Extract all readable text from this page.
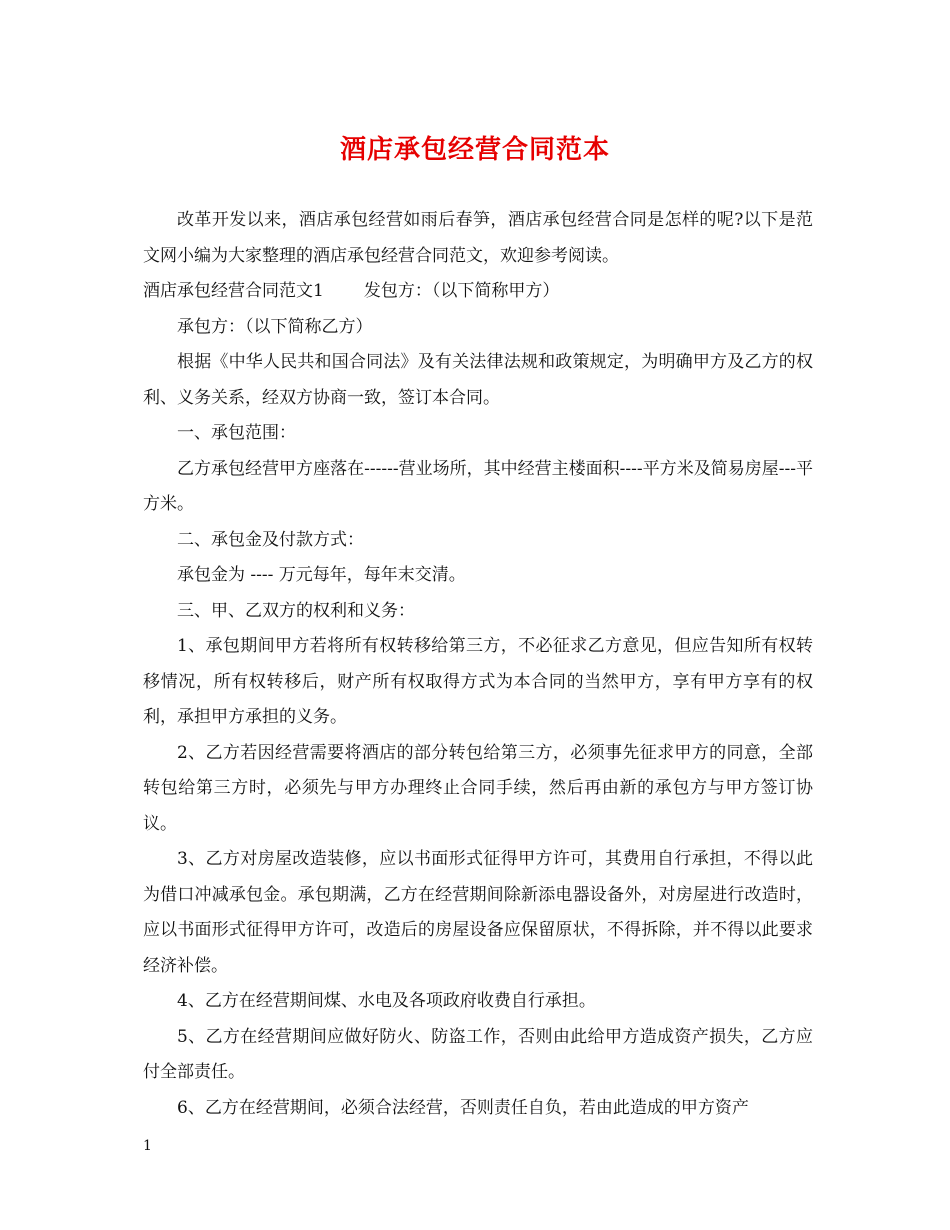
酒店承包经营合同范本

改革开发以来，酒店承包经营如雨后春笋，酒店承包经营合同是怎样的呢?以下是范文网小编为大家整理的酒店承包经营合同范文，欢迎参考阅读。

酒店承包经营合同范文1 发包方：（以下简称甲方）

承包方：（以下简称乙方）

根据《中华人民共和国合同法》及有关法律法规和政策规定，为明确甲方及乙方的权利、义务关系，经双方协商一致，签订本合同。

一、承包范围：

乙方承包经营甲方座落在------营业场所，其中经营主楼面积----平方米及简易房屋---平方米。

二、承包金及付款方式：

承包金为 ---- 万元每年，每年末交清。

三、甲、乙双方的权利和义务：

1、承包期间甲方若将所有权转移给第三方，不必征求乙方意见，但应告知所有权转移情况，所有权转移后，财产所有权取得方式为本合同的当然甲方，享有甲方享有的权利，承担甲方承担的义务。

2、乙方若因经营需要将酒店的部分转包给第三方，必须事先征求甲方的同意，全部转包给第三方时，必须先与甲方办理终止合同手续，然后再由新的承包方与甲方签订协议。

3、乙方对房屋改造装修，应以书面形式征得甲方许可，其费用自行承担，不得以此为借口冲减承包金。承包期满，乙方在经营期间除新添电器设备外，对房屋进行改造时，应以书面形式征得甲方许可，改造后的房屋设备应保留原状，不得拆除，并不得以此要求经济补偿。

4、乙方在经营期间煤、水电及各项政府收费自行承担。

5、乙方在经营期间应做好防火、防盗工作，否则由此给甲方造成资产损失，乙方应付全部责任。

6、乙方在经营期间，必须合法经营，否则责任自负，若由此造成的甲方资产

1
